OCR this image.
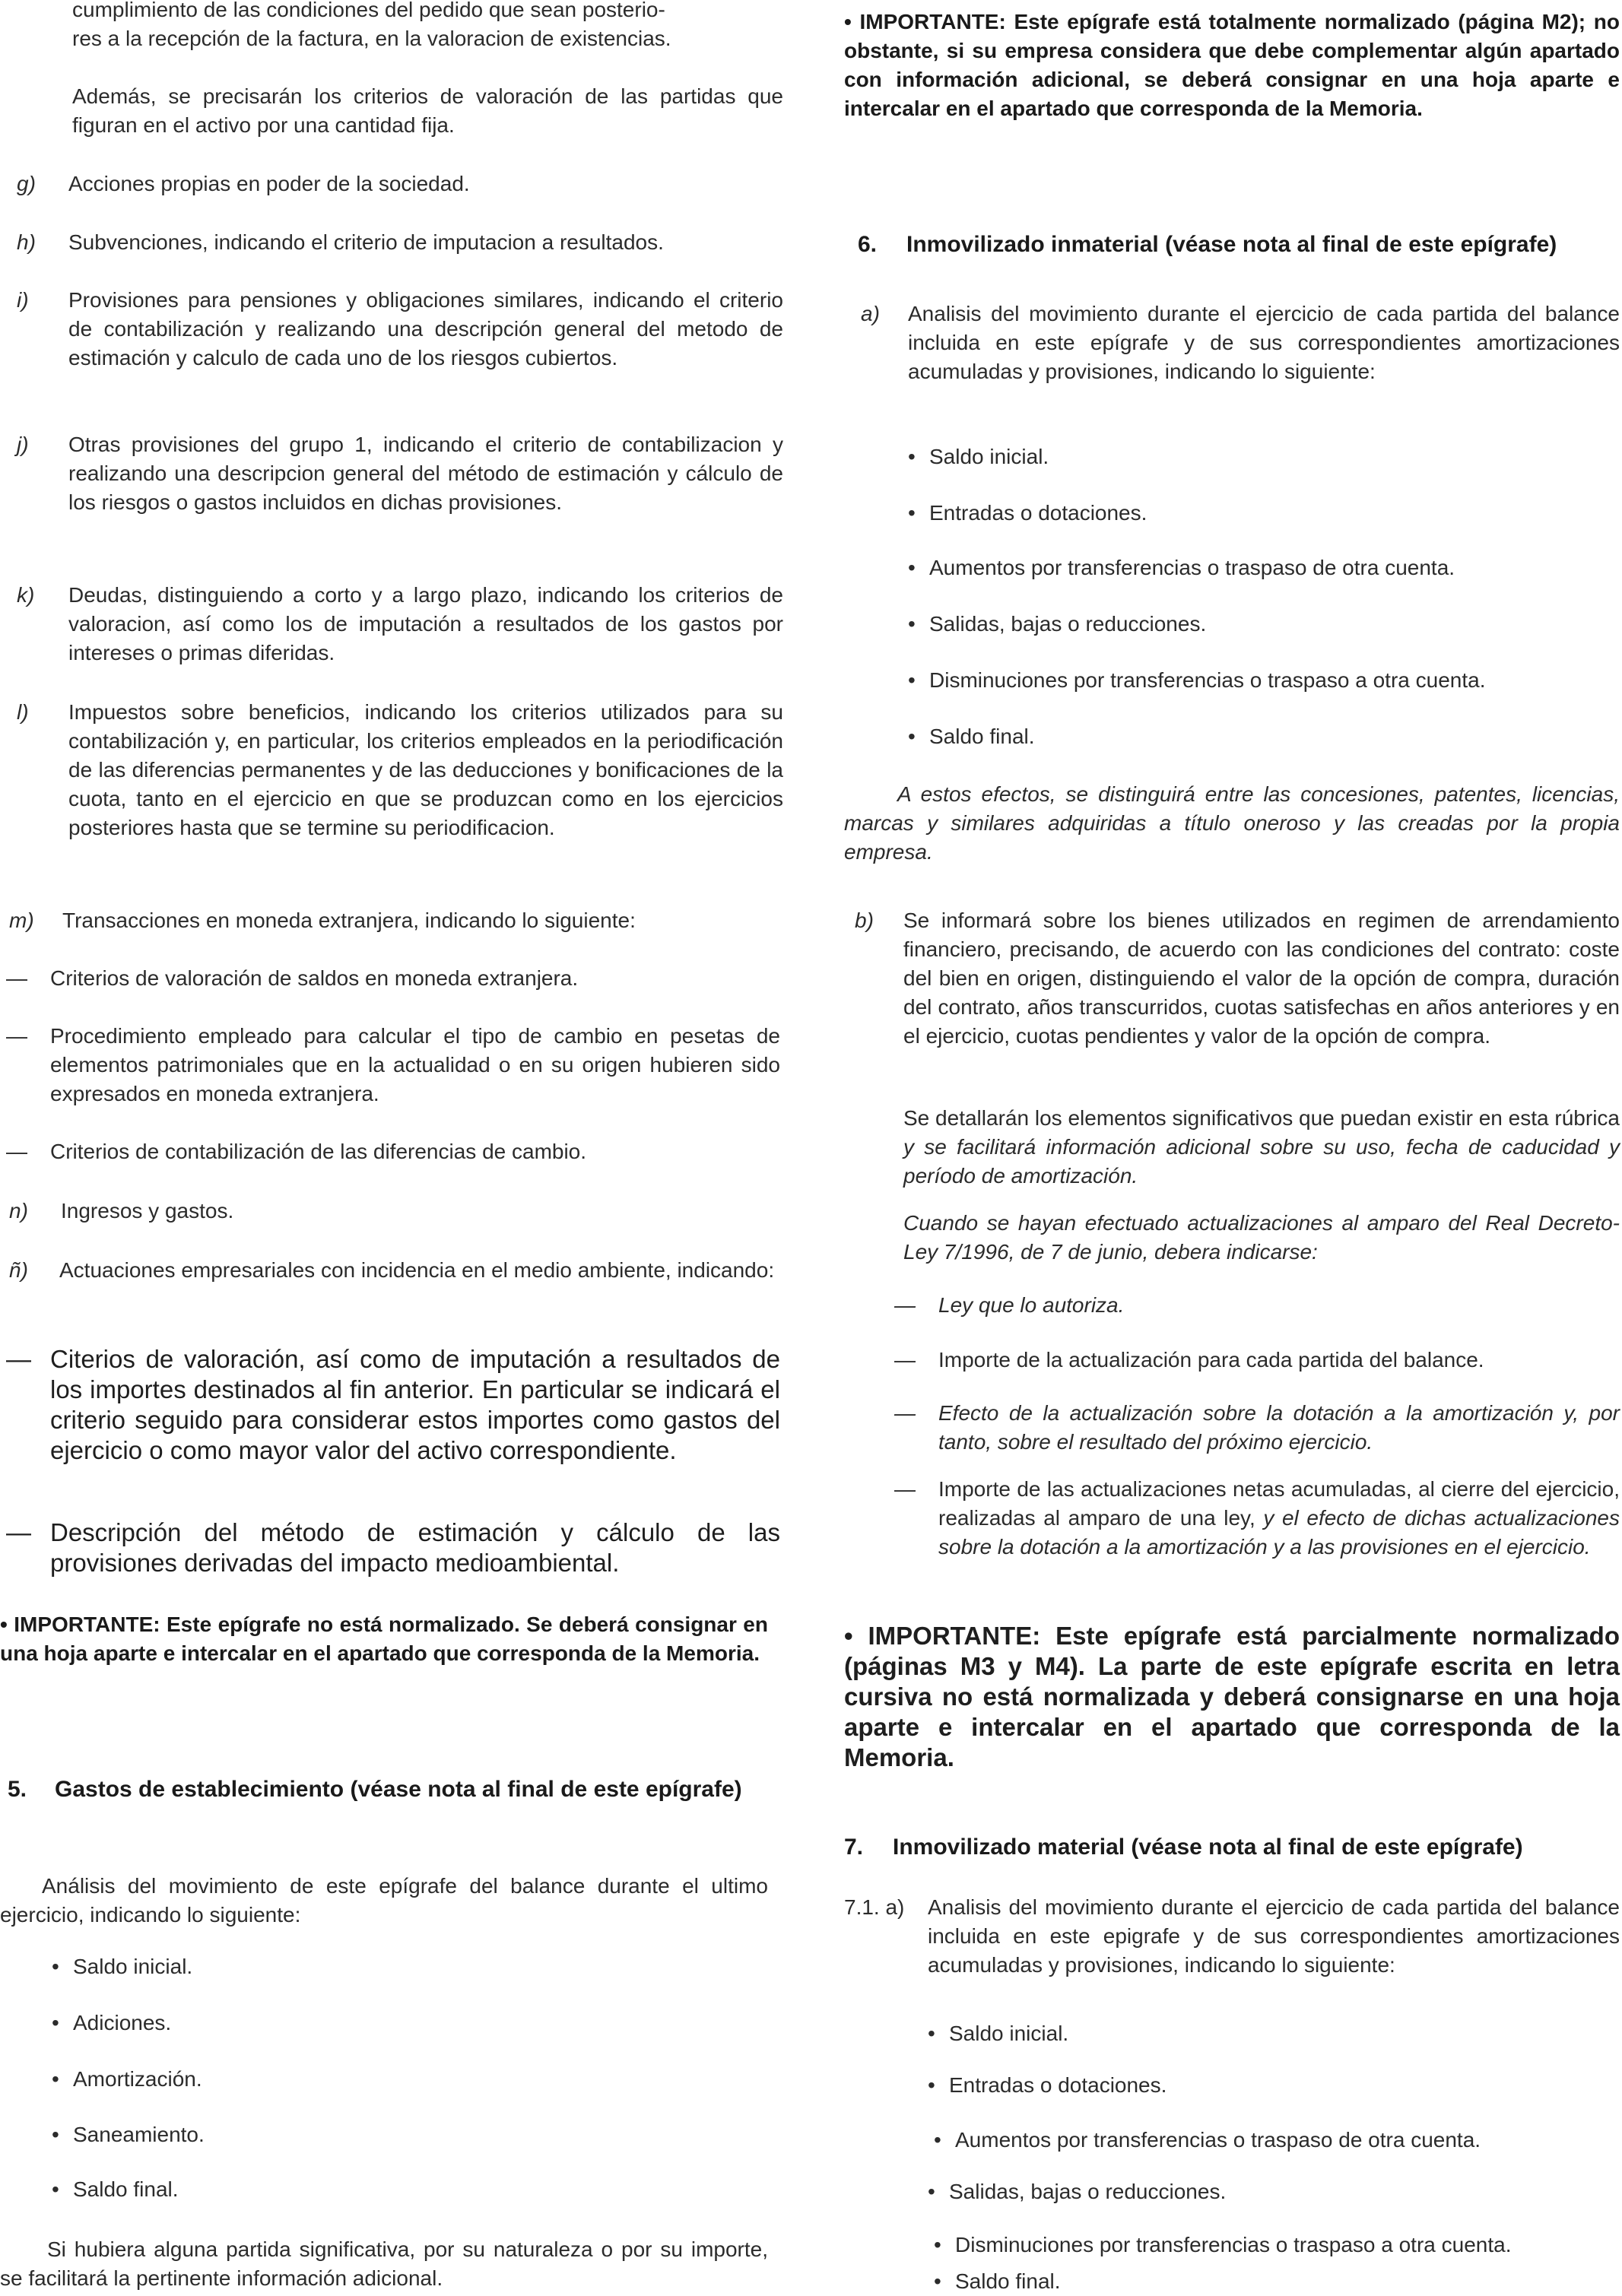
cumplimiento de las condiciones del pedido que sean posterio-

res a la recepción de la factura, en la valoracion de existencias.

Además, se precisarán los criterios de valoración de las partidas que figuran en el activo por una cantidad fija.

g) Acciones propias en poder de la sociedad.

h) Subvenciones, indicando el criterio de imputacion a resultados.

i) Provisiones para pensiones y obligaciones similares, indicando el criterio de contabilización y realizando una descripción general del metodo de estimación y calculo de cada uno de los riesgos cubiertos.

j) Otras provisiones del grupo 1, indicando el criterio de contabilizacion y realizando una descripcion general del método de estimación y cálculo de los riesgos o gastos incluidos en dichas provisiones.

k) Deudas, distinguiendo a corto y a largo plazo, indicando los criterios de valoracion, así como los de imputación a resultados de los gastos por intereses o primas diferidas.

l) Impuestos sobre beneficios, indicando los criterios utilizados para su contabilización y, en particular, los criterios empleados en la periodificación de las diferencias permanentes y de las deducciones y bonificaciones de la cuota, tanto en el ejercicio en que se produzcan como en los ejercicios posteriores hasta que se termine su periodificacion.

m) Transacciones en moneda extranjera, indicando lo siguiente:

— Criterios de valoración de saldos en moneda extranjera.

— Procedimiento empleado para calcular el tipo de cambio en pesetas de elementos patrimoniales que en la actualidad o en su origen hubieren sido expresados en moneda extranjera.

— Criterios de contabilización de las diferencias de cambio.

n) Ingresos y gastos.

ñ) Actuaciones empresariales con incidencia en el medio ambiente, indicando:

— Citerios de valoración, así como de imputación a resultados de los importes destinados al fin anterior. En particular se indicará el criterio seguido para considerar estos importes como gastos del ejercicio o como mayor valor del activo correspondiente.

— Descripción del método de estimación y cálculo de las provisiones derivadas del impacto medioambiental.

• IMPORTANTE: Este epígrafe no está normalizado. Se deberá consignar en una hoja aparte e intercalar en el apartado que corresponda de la Memoria.

5.	Gastos de establecimiento (véase nota al final de este epígrafe)

Análisis del movimiento de este epígrafe del balance durante el ultimo ejercicio, indicando lo siguiente:

• Saldo inicial.

• Adiciones.

• Amortización.

• Saneamiento.

• Saldo final.

Si hubiera alguna partida significativa, por su naturaleza o por su importe, se facilitará la pertinente información adicional.

• IMPORTANTE: Este epígrafe está totalmente normalizado (página M2); no obstante, si su empresa considera que debe complementar algún apartado con información adicional, se deberá consignar en una hoja aparte e intercalar en el apartado que corresponda de la Memoria.

6.	Inmovilizado inmaterial (véase nota al final de este epígrafe)
a) Analisis del movimiento durante el ejercicio de cada partida del balance incluida en este epígrafe y de sus correspondientes amortizaciones acumuladas y provisiones, indicando lo siguiente:

• Saldo inicial.

• Entradas o dotaciones.

• Aumentos por transferencias o traspaso de otra cuenta.

• Salidas, bajas o reducciones.

• Disminuciones por transferencias o traspaso a otra cuenta.

• Saldo final.

A estos efectos, se distinguirá entre las concesiones, patentes, licencias, marcas y similares adquiridas a título oneroso y las creadas por la propia empresa.

b) Se informará sobre los bienes utilizados en regimen de arrendamiento financiero, precisando, de acuerdo con las condiciones del contrato: coste del bien en origen, distinguiendo el valor de la opción de compra, duración del contrato, años transcurridos, cuotas satisfechas en años anteriores y en el ejercicio, cuotas pendientes y valor de la opción de compra.

Se detallarán los elementos significativos que puedan existir en esta rúbrica y se facilitará información adicional sobre su uso, fecha de caducidad y período de amortización.

Cuando se hayan efectuado actualizaciones al amparo del Real Decreto-Ley 7/1996, de 7 de junio, debera indicarse:

— Ley que lo autoriza.

— Importe de la actualización para cada partida del balance.

— Efecto de la actualización sobre la dotación a la amortización y, por tanto, sobre el resultado del próximo ejercicio.

— Importe de las actualizaciones netas acumuladas, al cierre del ejercicio, realizadas al amparo de una ley, y el efecto de dichas actualizaciones sobre la dotación a la amortización y a las provisiones en el ejercicio.

• IMPORTANTE: Este epígrafe está parcialmente normalizado (páginas M3 y M4). La parte de este epígrafe escrita en letra cursiva no está normalizada y deberá consignarse en una hoja aparte e intercalar en el apartado que corresponda de la Memoria.

7.	Inmovilizado material (véase nota al final de este epígrafe)
7.1. a) Analisis del movimiento durante el ejercicio de cada partida del balance incluida en este epigrafe y de sus correspondientes amortizaciones acumuladas y provisiones, indicando lo siguiente:

• Saldo inicial.

• Entradas o dotaciones.

• Aumentos por transferencias o traspaso de otra cuenta.

• Salidas, bajas o reducciones.

• Disminuciones por transferencias o traspaso a otra cuenta.

• Saldo final.
